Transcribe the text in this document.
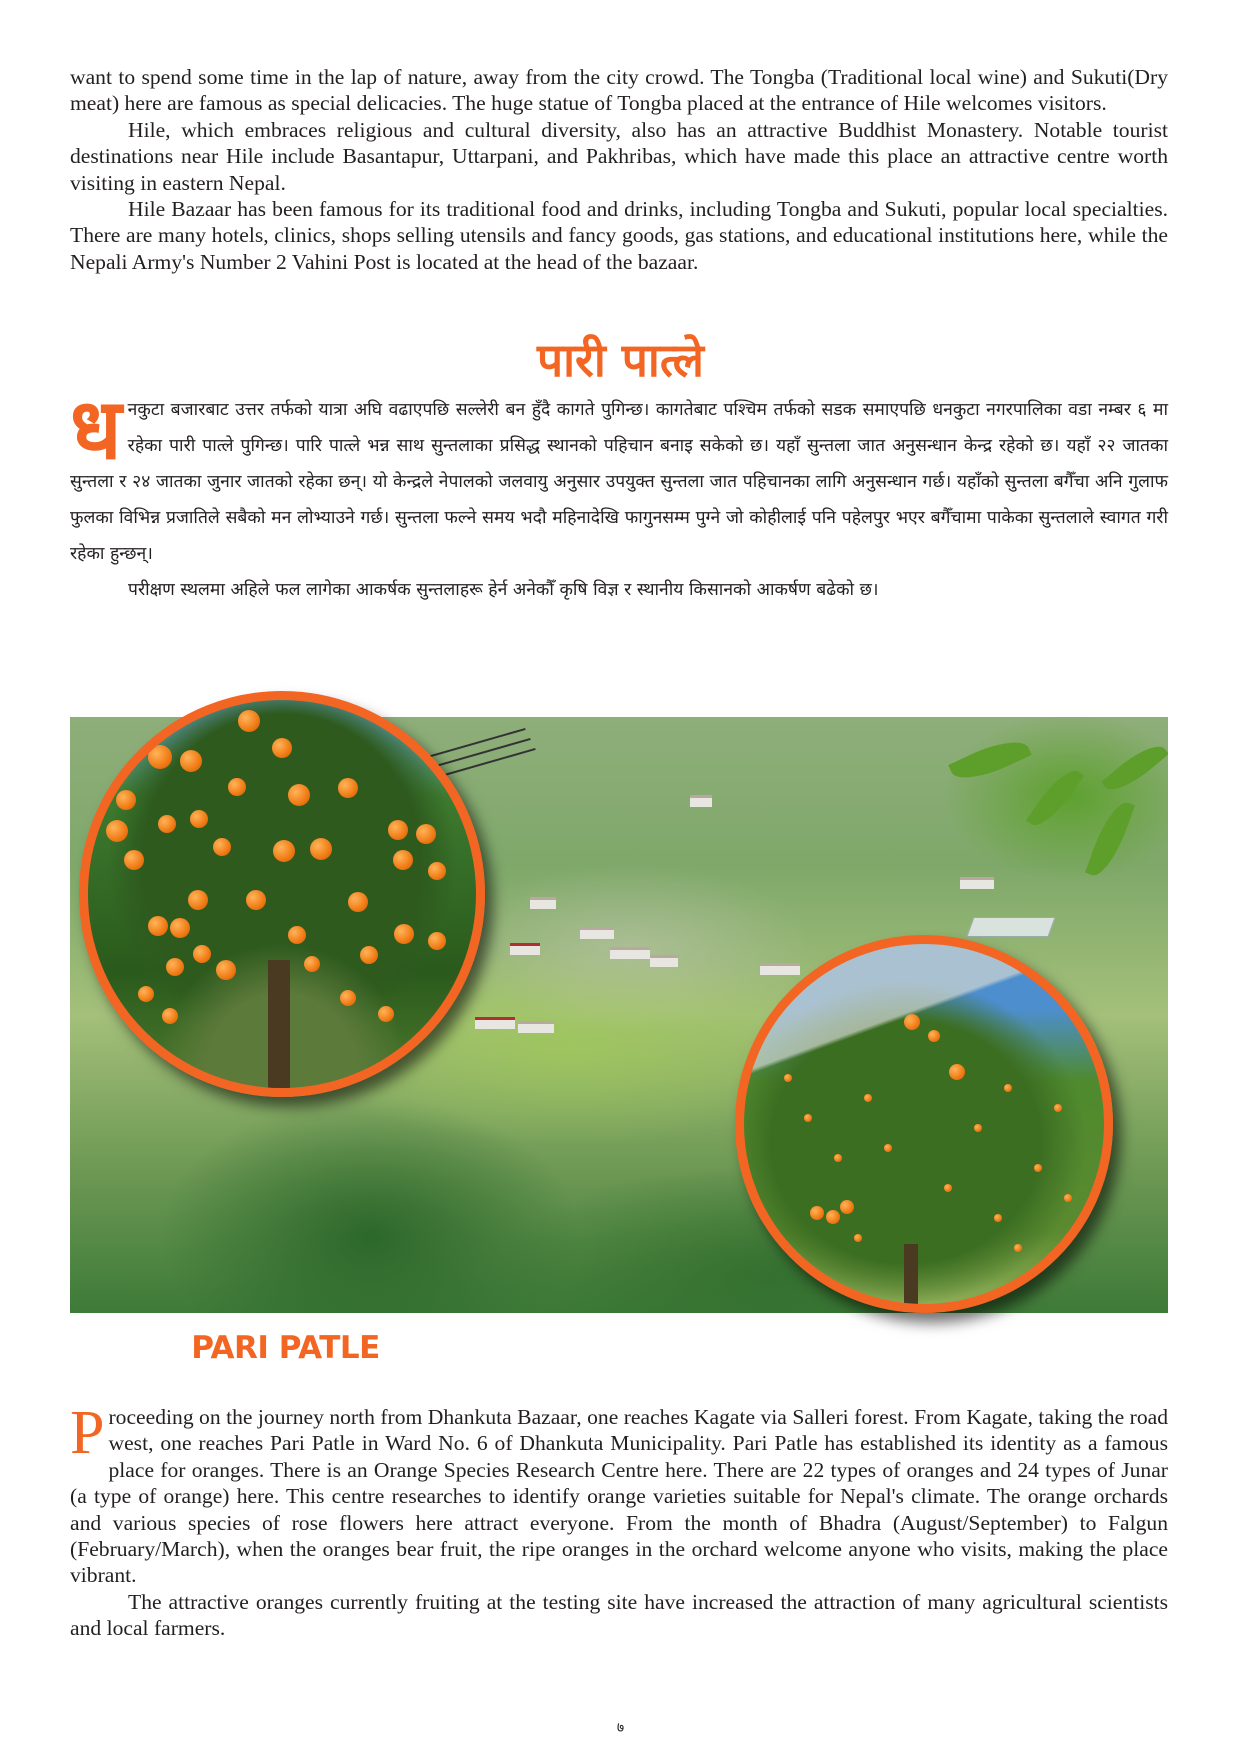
want to spend some time in the lap of nature, away from the city crowd. The Tongba (Traditional local wine) and Sukuti(Dry meat) here are famous as special delicacies. The huge statue of Tongba placed at the entrance of Hile welcomes visitors.

Hile, which embraces religious and cultural diversity, also has an attractive Buddhist Monastery. Notable tourist destinations near Hile include Basantapur, Uttarpani, and Pakhribas, which have made this place an attractive centre worth visiting in eastern Nepal.

Hile Bazaar has been famous for its traditional food and drinks, including Tongba and Sukuti, popular local specialties. There are many hotels, clinics, shops selling utensils and fancy goods, gas stations, and educational institutions here, while the Nepali Army's Number 2 Vahini Post is located at the head of the bazaar.

पारी पात्ले

धनकुटा बजारबाट उत्तर तर्फको यात्रा अघि वढाएपछि सल्लेरी बन हुँदै कागते पुगिन्छ। कागतेबाट पश्चिम तर्फको सडक समाएपछि धनकुटा नगरपालिका वडा नम्बर ६ मा रहेका पारी पात्ले पुगिन्छ। पारि पात्ले भन्न साथ सुन्तलाका प्रसिद्ध स्थानको पहिचान बनाइ सकेको छ। यहाँ सुन्तला जात अनुसन्धान केन्द्र रहेको छ। यहाँ २२ जातका सुन्तला र २४ जातका जुनार जातको रहेका छन्। यो केन्द्रले नेपालको जलवायु अनुसार उपयुक्त सुन्तला जात पहिचानका लागि अनुसन्धान गर्छ। यहाँको सुन्तला बगैँचा अनि गुलाफ फुलका विभिन्न प्रजातिले सबैको मन लोभ्याउने गर्छ। सुन्तला फल्ने समय भदौ महिनादेखि फागुनसम्म पुग्ने जो कोहीलाई पनि पहेलपुर भएर बगैँचामा पाकेका सुन्तलाले स्वागत गरी रहेका हुन्छन्।

परीक्षण स्थलमा अहिले फल लागेका आकर्षक सुन्तलाहरू हेर्न अनेकौँ कृषि विज्ञ र स्थानीय किसानको आकर्षण बढेको छ।

PARI PATLE

Proceeding on the journey north from Dhankuta Bazaar, one reaches Kagate via Salleri forest. From Kagate, taking the road west, one reaches Pari Patle in Ward No. 6 of Dhankuta Municipality. Pari Patle has established its identity as a famous place for oranges. There is an Orange Species Research Centre here. There are 22 types of oranges and 24 types of Junar (a type of orange) here. This centre researches to identify orange varieties suitable for Nepal's climate. The orange orchards and various species of rose flowers here attract everyone. From the month of Bhadra (August/September) to Falgun (February/March), when the oranges bear fruit, the ripe oranges in the orchard welcome anyone who visits, making the place vibrant.

The attractive oranges currently fruiting at the testing site have increased the attraction of many agricultural scientists and local farmers.

७
